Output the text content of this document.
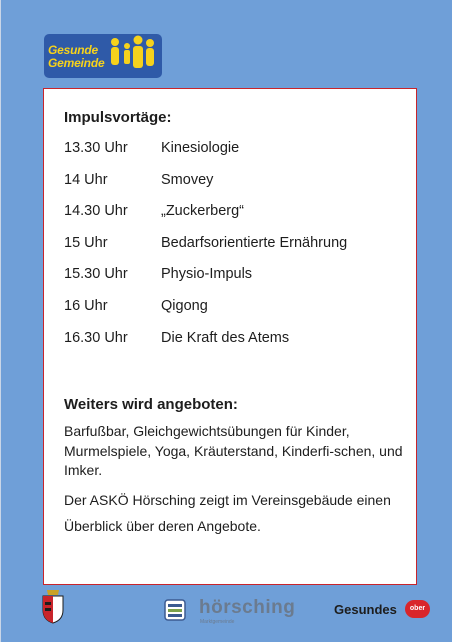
Gesunde
Gemeinde
Impulsvortäge:
13.30 Uhr	Kinesiologie
14 Uhr	Smovey
14.30 Uhr	„Zuckerberg“
15 Uhr	Bedarfsorientierte Ernährung
15.30 Uhr	Physio-Impuls
16 Uhr	Qigong
16.30 Uhr	Die Kraft des Atems
Weiters wird angeboten:
Barfußbar, Gleichgewichtsübungen für Kinder, Murmelspiele, Yoga, Kräuterstand, Kinderfi-schen, und Imker.
Der ASKÖ Hörsching zeigt im Vereinsgebäude einen Überblick über deren Angebote.
hörsching
Marktgemeinde
Gesundes	ober
